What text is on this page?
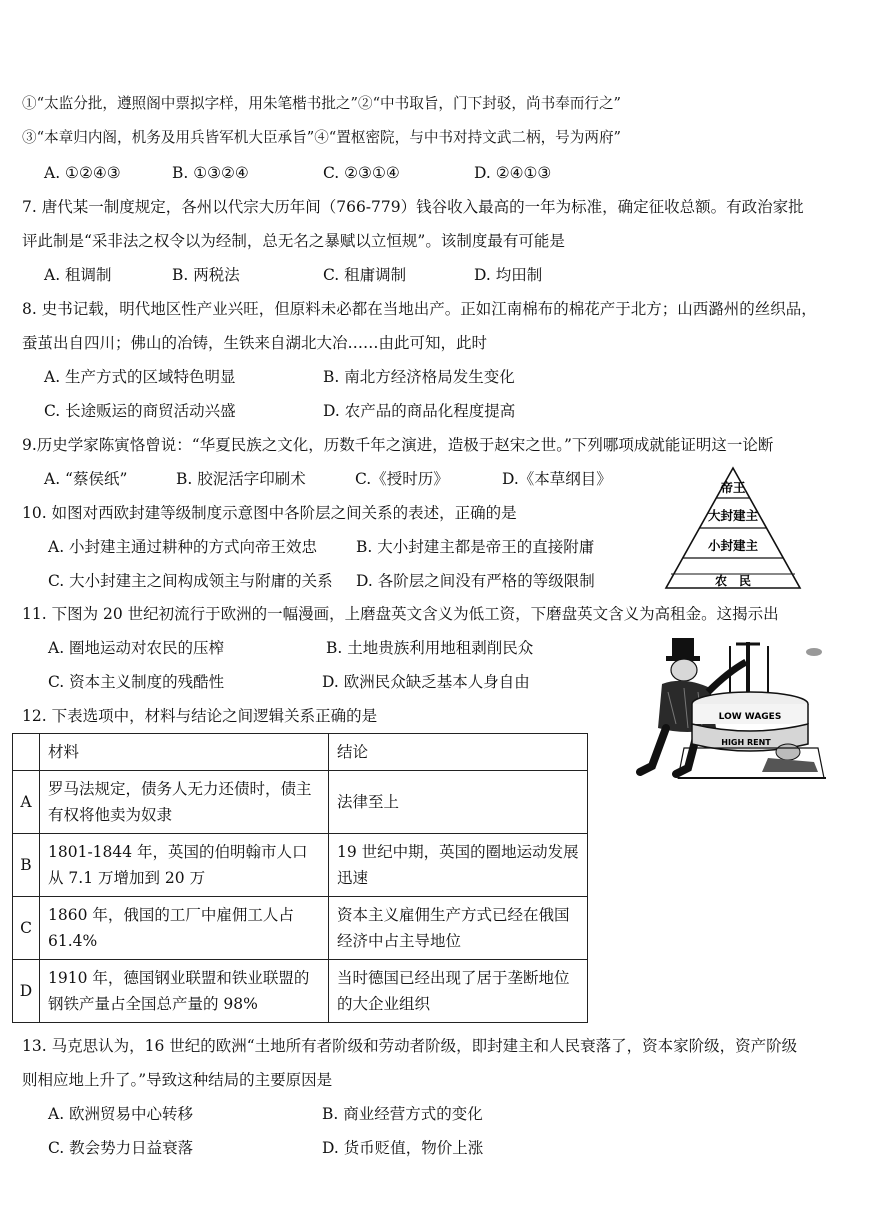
①“太监分批，遵照阁中票拟字样，用朱笔楷书批之”②“中书取旨，门下封驳，尚书奉而行之”
③“本章归内阁，机务及用兵皆军机大臣承旨”④“置枢密院，与中书对持文武二柄，号为两府”
A. ①②④③	B. ①③②④	C. ②③①④	D. ②④①③
7. 唐代某一制度规定，各州以代宗大历年间（766-779）钱谷收入最高的一年为标准，确定征收总额。有政治家批
评此制是“采非法之权令以为经制，总无名之暴赋以立恒规”。该制度最有可能是
A. 租调制	B. 两税法	C. 租庸调制	D. 均田制
8. 史书记载，明代地区性产业兴旺，但原料未必都在当地出产。正如江南棉布的棉花产于北方；山西潞州的丝织品，
蚕茧出自四川；佛山的冶铸，生铁来自湖北大冶……由此可知，此时
A. 生产方式的区域特色明显	B. 南北方经济格局发生变化
C. 长途贩运的商贸活动兴盛	D. 农产品的商品化程度提高
9.历史学家陈寅恪曾说：“华夏民族之文化，历数千年之演进，造极于赵宋之世。”下列哪项成就能证明这一论断
A. “蔡侯纸”	B. 胶泥活字印刷术	C.《授时历》	D.《本草纲目》
10. 如图对西欧封建等级制度示意图中各阶层之间关系的表述，正确的是
A. 小封建主通过耕种的方式向帝王效忠	B. 大小封建主都是帝王的直接附庸
C. 大小封建主之间构成领主与附庸的关系 D. 各阶层之间没有严格的等级限制
帝王
大封建主
小封建主
农　民
11. 下图为 20 世纪初流行于欧洲的一幅漫画，上磨盘英文含义为低工资，下磨盘英文含义为高租金。这揭示出
A. 圈地运动对农民的压榨	B. 土地贵族利用地租剥削民众
C. 资本主义制度的残酷性	D. 欧洲民众缺乏基本人身自由
LOW WAGES
HIGH RENT
12. 下表选项中，材料与结论之间逻辑关系正确的是
	材料	结论
A	罗马法规定，债务人无力还债时，债主有权将他卖为奴隶	法律至上
B	1801-1844 年，英国的伯明翰市人口从 7.1 万增加到 20 万	19 世纪中期，英国的圈地运动发展迅速
C	1860 年，俄国的工厂中雇佣工人占 61.4%	资本主义雇佣生产方式已经在俄国经济中占主导地位
D	1910 年，德国钢业联盟和铁业联盟的钢铁产量占全国总产量的 98%	当时德国已经出现了居于垄断地位的大企业组织
13. 马克思认为，16 世纪的欧洲“土地所有者阶级和劳动者阶级，即封建主和人民衰落了，资本家阶级，资产阶级
则相应地上升了。”导致这种结局的主要原因是
A. 欧洲贸易中心转移	B. 商业经营方式的变化
C. 教会势力日益衰落	D. 货币贬值，物价上涨
